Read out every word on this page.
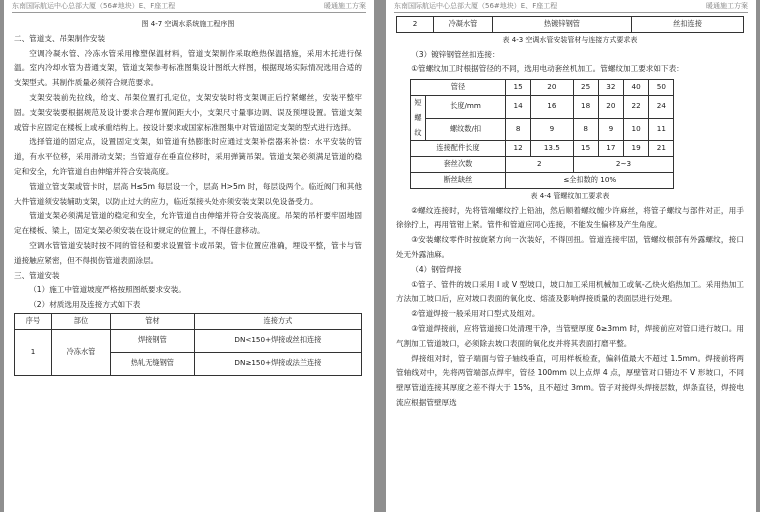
东南国际航运中心总部大厦（56#地块）E、F座工程	暖通施工方案

图 4-7 空调水系统施工程序图

二、管道支、吊架制作安装

空调冷凝水管、冷冻水管采用橡塑保温材料，管道支架制作采取绝热保温措施，采用木托进行保温。室内冷却水管为普通支架，管道支架参考标准图集设计图纸大样图，根据现场实际情况选用合适的支架型式。其制作质量必须符合规范要求。

支架安装前先拉线，给支、吊架位置打孔定位，支架安装时将支架调正后拧紧螺丝，安装平整牢固。支架安装要根据规范及设计要求合理布置间距大小，支架尺寸量事边调、误及预埋设置。管道支架或管卡应固定在楼板上或承重结构上。按设计要求或国家标准图集中对管道固定支架的型式进行选择。

选择管道的固定点，设置固定支架，如管道有热膨胀时应通过支架补偿器来补偿：水平安装的管道，有水平位移，采用滑动支架；当管道存在垂直位移时，采用弹簧吊架。管道支架必须满足管道的稳定和安全，允许管道自由伸缩并符合安装高度。

管道立管支架或管卡时，层高 H≤5m 每层设一个，层高 H>5m 时，每层设两个。临近阀门和其他大件管道须安装辅助支架，以防止过大的应力，临近泵接头处亦须安装支架以免设备受力。

管道支架必须满足管道的稳定和安全，允许管道自由伸缩并符合安装高度。吊架的吊杆要牢固地固定在楼板、梁上，固定支架必须安装在设计规定的位置上，不得任意移动。

空调水管管道安装时按不同的管径和要求设置管卡或吊架，管卡位置应准确，埋设平整，管卡与管道接触应紧密，但不得损伤管道表面涂层。

三、管道安装

（1）施工中管道坡度严格按照图纸要求安装。

（2）材质选用及连接方式如下表

序号	部位	管材	连接方式
1	冷冻水管	焊接钢管	DN<150+焊接或丝扣连接
		热轧无缝钢管	DN≥150+焊接或法兰连接
东南国际航运中心总部大厦（56#地块）E、F座工程	暖通施工方案
2	冷凝水管	热镀锌钢管	丝扣连接

表 4-3 空调水管安装管材与连接方式要求表

（3）镀锌钢管丝扣连接：

①管螺纹加工时根据管径的不同，选用电动套丝机加工。管螺纹加工要求如下表：

管径		15	20	25	32	40	50
短螺纹	长度/mm	14	16	18	20	22	24
	螺纹数/扣	8	9	8	9	10	11
连接配件长度		12	13.5	15	17	19	21
套丝次数		2		2~3			
断丝缺丝		≤全扣数的 10%					

表 4-4 管螺纹加工要求表

②螺纹连接时，先将管端螺纹拧上铅油，然后顺着螺纹缠少许麻丝，将管子螺纹与部件对正，用手徐徐拧上，再用管钳上紧。管件和管道应同心连接，不能发生偏移及产生角度。

③安装螺纹零件时按旋紧方向一次装好，不得回扭。管道连接牢固，管螺纹根部有外露螺纹，接口处无外露油麻。

（4）钢管焊接

①管子、管件的坡口采用 I 或 V 型坡口，坡口加工采用机械加工或氧-乙炔火焰热加工。采用热加工方法加工坡口后，应对坡口表面的氧化皮、熔渣及影响焊接质量的表面层进行处理。

②管道焊接一般采用对口型式及组对。

③管道焊接前，应将管道接口处清理干净，当管壁厚度 δ≥3mm 时，焊接前应对管口进行坡口。用气割加工管道坡口，必须除去坡口表面的氧化皮并将其表面打磨平整。

焊接组对时，管子端面与管子轴线垂直，可用样板检查，偏斜值最大不超过 1.5mm。焊接前将两管轴线对中，先将两管端部点焊牢，管径 100mm 以上点焊 4 点，厚壁管对口错边不 V 形坡口，不同壁厚管道连接其厚度之差不得大于 15%，且不超过 3mm。管子对接焊头焊接层数，焊条直径，焊接电流应根据管壁厚选
